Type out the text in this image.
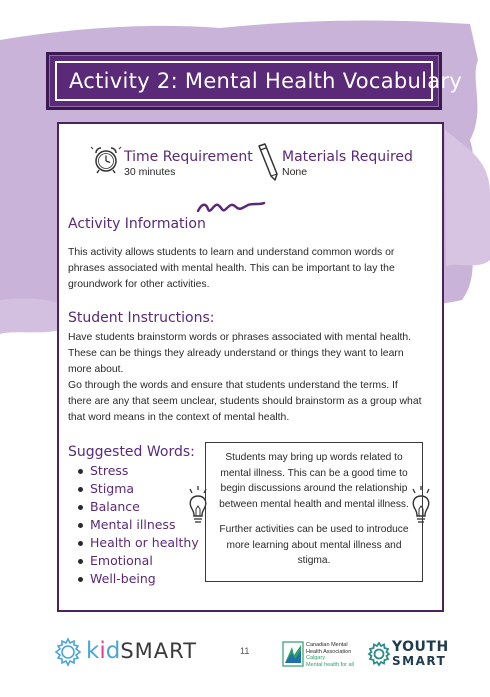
Activity 2: Mental Health Vocabulary
Time Requirement
30 minutes
Materials Required
None
Activity Information
This activity allows students to learn and understand common words or phrases associated with mental health. This can be important to lay the groundwork for other activities.
Student Instructions:
Have students brainstorm words or phrases associated with mental health. These can be things they already understand or things they want to learn more about.
Go through the words and ensure that students understand the terms. If there are any that seem unclear, students should brainstorm as a group what that word means in the context of mental health.
Suggested Words:
Stress
Stigma
Balance
Mental illness
Health or healthy
Emotional
Well-being

Students may bring up words related to mental illness. This can be a good time to begin discussions around the relationship between mental health and mental illness.

Further activities can be used to introduce more learning about mental illness and stigma.

kidSMART	11
Canadian Mental
Health Association
Calgary
Mental health for all
YOUTH
SMART
